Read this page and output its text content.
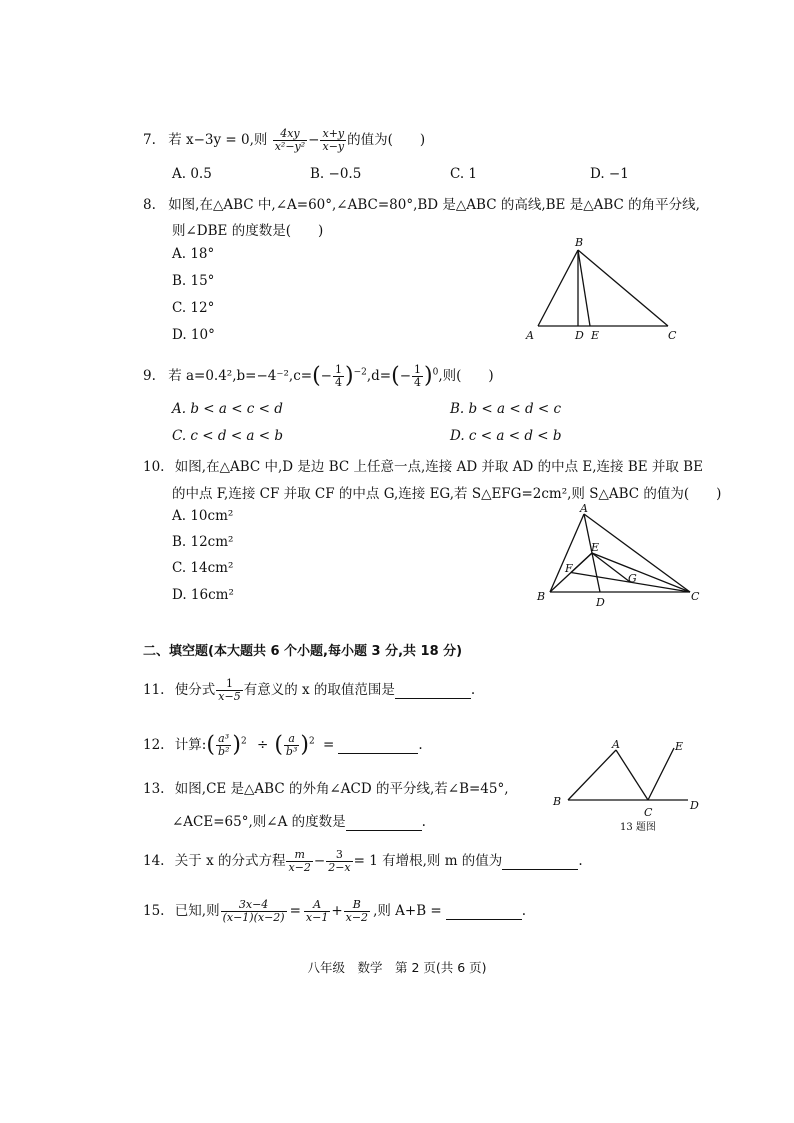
7. 若 x−3y = 0,则 $\frac{4xy}{\text{x²−y²}} - \frac{x+y}{x-y}$ 的值为(　　)
A. 0.5	B. −0.5	C. 1	D. −1
8. 如图,在△ABC 中,∠A=60°,∠ABC=80°,BD 是△ABC 的高线,BE 是△ABC 的角平分线,
则∠DBE 的度数是(　　)
A. 18°
B. 15°
C. 12°
D. 10°
B
A	D E	C
9. 若 $a=0.4^2,b=-4^{-2},c=(- \frac{1}{4} )^{-2},d=(- \frac{1}{4} )^0$,则(　　)
A. b < a < c < d	B. b < a < d < c
C. c < d < a < b	D. c < a < d < b
10. 如图,在△ABC 中,D 是边 BC 上任意一点,连接 AD 并取 AD 的中点 E,连接 BE 并取 BE
的中点 F,连接 CF 并取 CF 的中点 G,连接 EG,若 S△EFG=2cm²,则 S△ABC 的值为(　　)
A. 10cm²
B. 12cm²
C. 14cm²
D. 16cm²
A
E
F
G
B	D	C
二、填空题(本大题共 6 个小题,每小题 3 分,共 18 分)
11. 使分式 $\frac{1}{x-5}$ 有意义的 x 的取值范围是	.
12. 计算:( $\frac{\text{a³}}{\text{b²}} )^2$ ÷ ( $\frac{a}{\text{b³}} )^2$ =	.
13. 如图,CE 是△ABC 的外角∠ACD 的平分线,若∠B=45°,
∠ACE=65°,则∠A 的度数是	.
A	E
B
C
D
13 题图
14. 关于 x 的分式方程 $\frac{m}{x-2} - \frac{3}{2-x} = 1$ 有增根,则 m 的值为	.
15. 已知,则 $\frac{3x-4}{(x-1)(x-2)} = \frac{A}{x-1} + \frac{B}{x-2}$ ,则 A+B =	.
八年级　数学　第 2 页(共 6 页)
